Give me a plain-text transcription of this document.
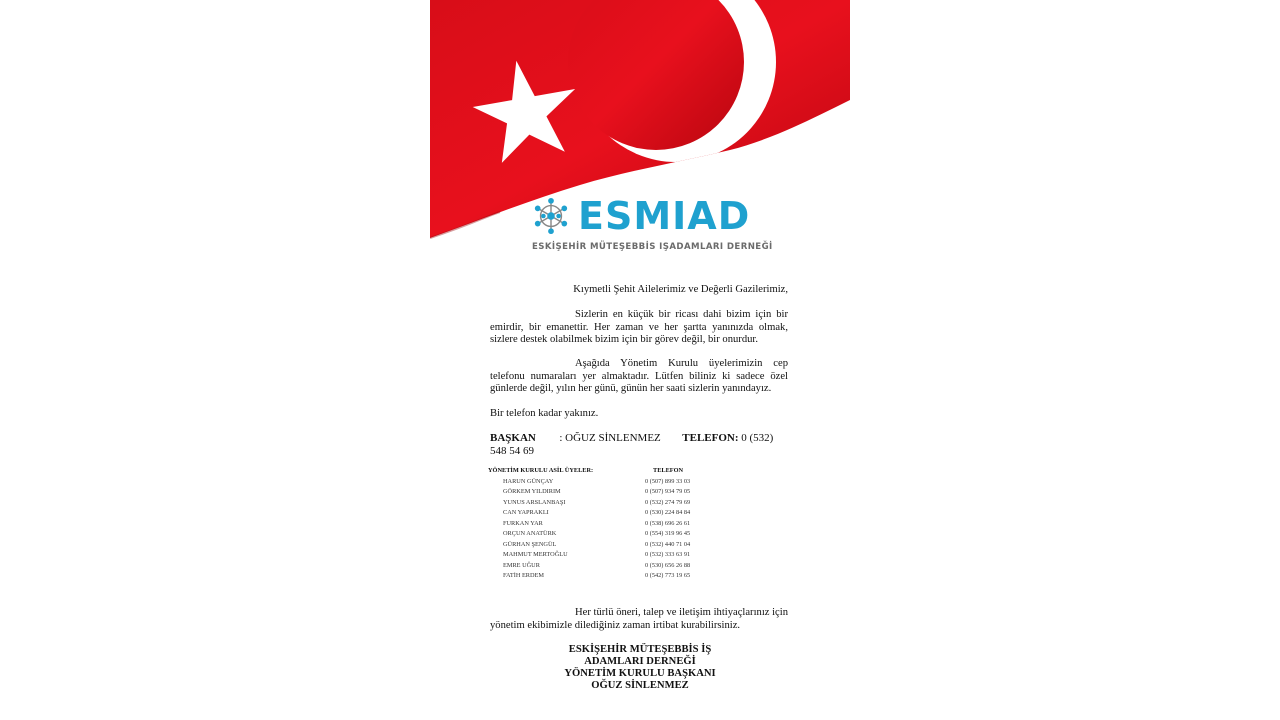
ESMIAD
ESKİŞEHİR MÜTEŞEBBİS IŞADAMLARI DERNEĞİ
Kıymetli Şehit Ailelerimiz ve Değerli Gazilerimiz,
Sizlerin en küçük bir ricası dahi bizim için bir emirdir, bir emanettir. Her zaman ve her şartta yanınızda olmak, sizlere destek olabilmek bizim için bir görev değil, bir onurdur.
Aşağıda Yönetim Kurulu üyelerimizin cep telefonu numaraları yer almaktadır. Lütfen biliniz ki sadece özel günlerde değil, yılın her günü, günün her saati sizlerin yanındayız.
Bir telefon kadar yakınız.
BAŞKAN : OĞUZ SİNLENMEZ TELEFON: 0 (532) 548 54 69
YÖNETİM KURULU ASİL ÜYELER:	TELEFON
HARUN GÜNÇAY	0 (507) 899 33 03
GÖRKEM YILDIRIM	0 (507) 934 79 05
YUNUS ARSLANBAŞI	0 (532) 274 79 69
CAN YAPRAKLI	0 (530) 224 84 84
FURKAN YAR	0 (538) 696 26 61
ORÇUN ANATÜRK	0 (554) 319 96 45
GÜRHAN ŞENGÜL	0 (532) 440 71 04
MAHMUT MERTOĞLU	0 (532) 333 63 91
EMRE UĞUR	0 (530) 656 26 88
FATİH ERDEM	0 (542) 773 19 65
Her türlü öneri, talep ve iletişim ihtiyaçlarınız için yönetim ekibimizle dilediğiniz zaman irtibat kurabilirsiniz.
ESKİŞEHİR MÜTEŞEBBİS İŞ
ADAMLARI DERNEĞİ
YÖNETİM KURULU BAŞKANI
OĞUZ SİNLENMEZ
